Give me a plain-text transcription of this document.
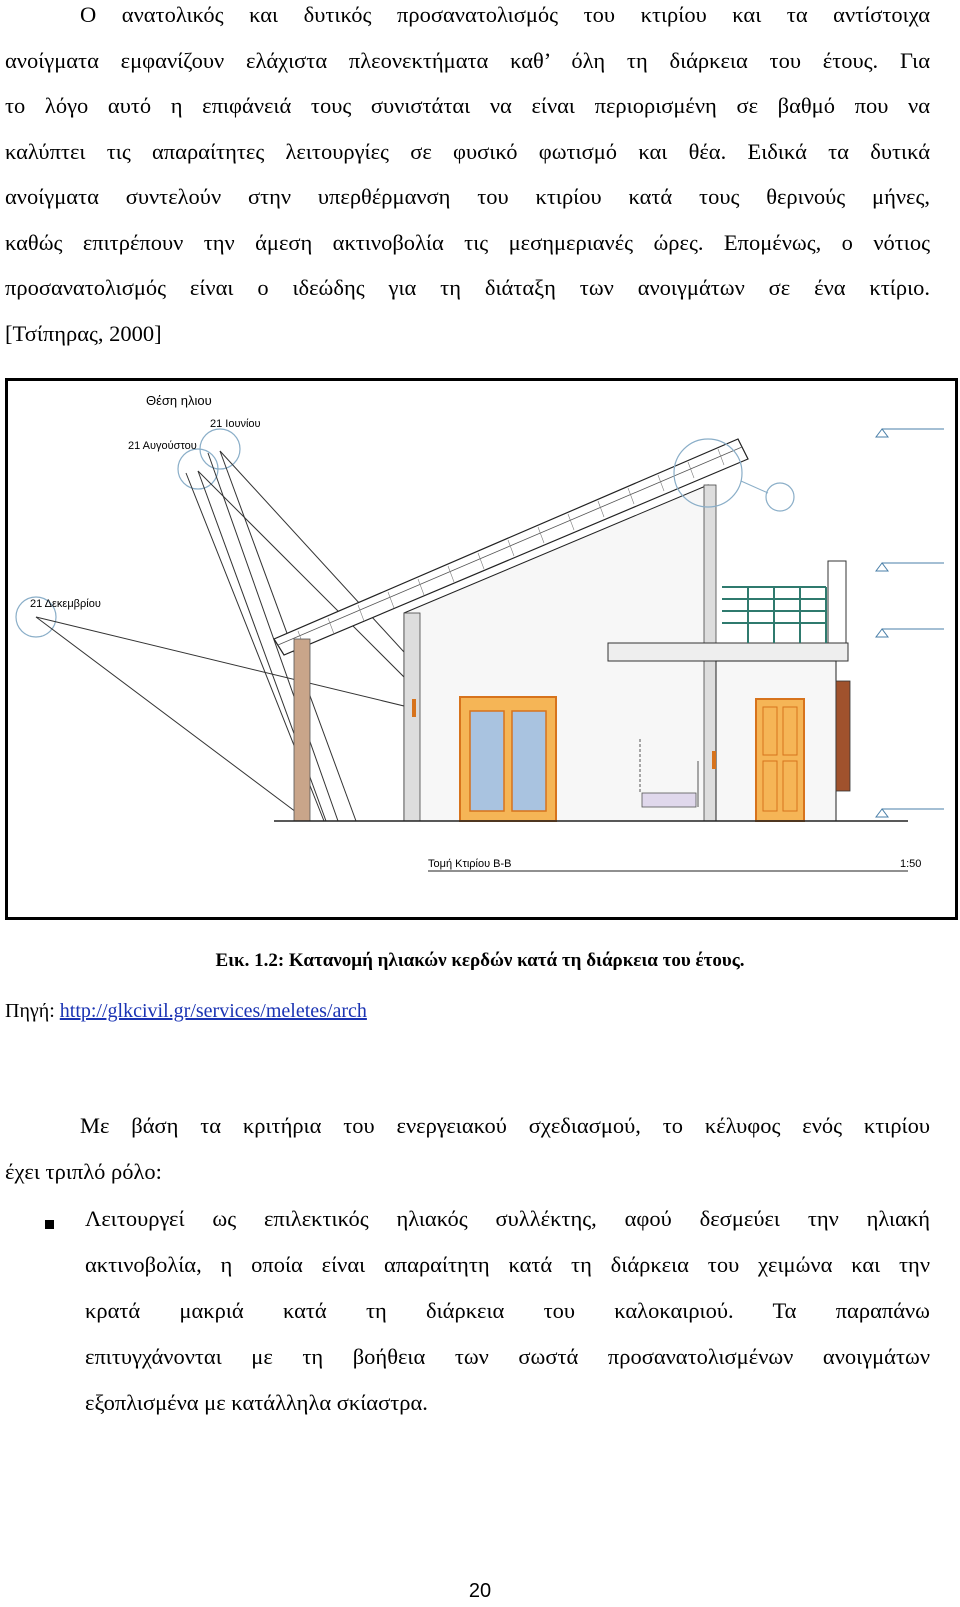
Ο ανατολικός και δυτικός προσανατολισμός του κτιρίου και τα αντίστοιχα
ανοίγματα εμφανίζουν ελάχιστα πλεονεκτήματα καθ’ όλη τη διάρκεια του έτους. Για
το λόγο αυτό η επιφάνειά τους συνιστάται να είναι περιορισμένη σε βαθμό που να
καλύπτει τις απαραίτητες λειτουργίες σε φυσικό φωτισμό και θέα. Ειδικά τα δυτικά
ανοίγματα συντελούν στην υπερθέρμανση του κτιρίου κατά τους θερινούς μήνες,
καθώς επιτρέπουν την άμεση ακτινοβολία τις μεσημεριανές ώρες. Επομένως, ο νότιος
προσανατολισμός είναι ο ιδεώδης για τη διάταξη των ανοιγμάτων σε ένα κτίριο.
[Τσίπηρας, 2000]

Θέση ηλιου
21 Ιουνίου
21 Αυγούστου
21 Δεκεμβρίου
Τομή Κτιρίου Β-Β	1:50
Εικ. 1.2: Κατανομή ηλιακών κερδών κατά τη διάρκεια του έτους.
Πηγή: http://glkcivil.gr/services/meletes/arch

Με βάση τα κριτήρια του ενεργειακού σχεδιασμού, το κέλυφος ενός κτιρίου
έχει τριπλό ρόλο:

Λειτουργεί ως επιλεκτικός ηλιακός συλλέκτης, αφού δεσμεύει την ηλιακή
ακτινοβολία, η οποία είναι απαραίτητη κατά τη διάρκεια του χειμώνα και την
κρατά μακριά κατά τη διάρκεια του καλοκαιριού. Τα παραπάνω
επιτυγχάνονται με τη βοήθεια των σωστά προσανατολισμένων ανοιγμάτων
εξοπλισμένα με κατάλληλα σκίαστρα.

20
